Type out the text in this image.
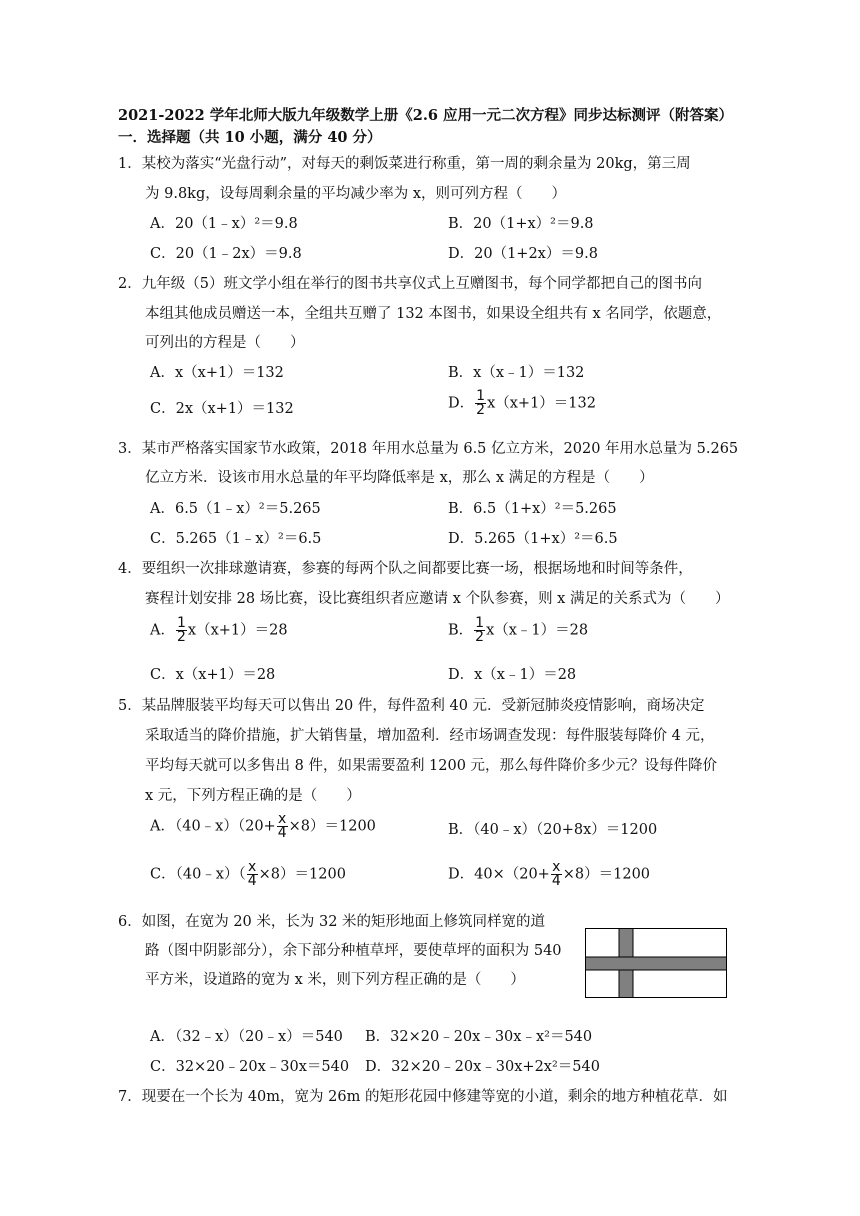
2021-2022 学年北师大版九年级数学上册《2.6 应用一元二次方程》同步达标测评（附答案）
一．选择题（共 10 小题，满分 40 分）
1．某校为落实“光盘行动”，对每天的剩饭菜进行称重，第一周的剩余量为 20kg，第三周
为 9.8kg，设每周剩余量的平均减少率为 x，则可列方程（　　）
A．20（1﹣x）²＝9.8	B．20（1+x）²＝9.8
C．20（1﹣2x）＝9.8	D．20（1+2x）＝9.8
2．九年级（5）班文学小组在举行的图书共享仪式上互赠图书，每个同学都把自己的图书向
本组其他成员赠送一本，全组共互赠了 132 本图书，如果设全组共有 x 名同学，依题意，
可列出的方程是（　　）
A．x（x+1）＝132	B．x（x﹣1）＝132
C．2x（x+1）＝132	D． $\frac{1}{2} x(x+1)=132$
3．某市严格落实国家节水政策，2018 年用水总量为 6.5 亿立方米，2020 年用水总量为 5.265
亿立方米．设该市用水总量的年平均降低率是 x，那么 x 满足的方程是（　　）
A．6.5（1﹣x）²＝5.265	B．6.5（1+x）²＝5.265
C．5.265（1﹣x）²＝6.5	D．5.265（1+x）²＝6.5
4．要组织一次排球邀请赛，参赛的每两个队之间都要比赛一场，根据场地和时间等条件，
赛程计划安排 28 场比赛，设比赛组织者应邀请 x 个队参赛，则 x 满足的关系式为（　　）
A． $\frac{1}{2} x(x+1)=28$	B． $\frac{1}{2}$ x（x﹣1）＝28
C．x（x+1）＝28	D．x（x﹣1）＝28
5．某品牌服装平均每天可以售出 20 件，每件盈利 40 元．受新冠肺炎疫情影响，商场决定
采取适当的降价措施，扩大销售量，增加盈利．经市场调查发现：每件服装每降价 4 元，
平均每天就可以多售出 8 件，如果需要盈利 1200 元，那么每件降价多少元？设每件降价
x 元，下列方程正确的是（　　）
A．（40﹣x）（20+ $\frac{x}{4} \times 8)=1200$	B．（40﹣x）（20+8x）＝1200
C．（40﹣x）（ $\frac{x}{4} \times 8)=1200$	D．$40\times(20+ \frac{x}{4} \times 8)=1200$
6．如图，在宽为 20 米，长为 32 米的矩形地面上修筑同样宽的道
路（图中阴影部分），余下部分种植草坪，要使草坪的面积为 540
平方米，设道路的宽为 x 米，则下列方程正确的是（　　）
A．（32﹣x）（20﹣x）＝540 B．32×20﹣20x﹣30x﹣x²＝540
C．32×20﹣20x﹣30x＝540 D．32×20﹣20x﹣30x+2x²＝540
7．现要在一个长为 40m，宽为 26m 的矩形花园中修建等宽的小道，剩余的地方种植花草．如
